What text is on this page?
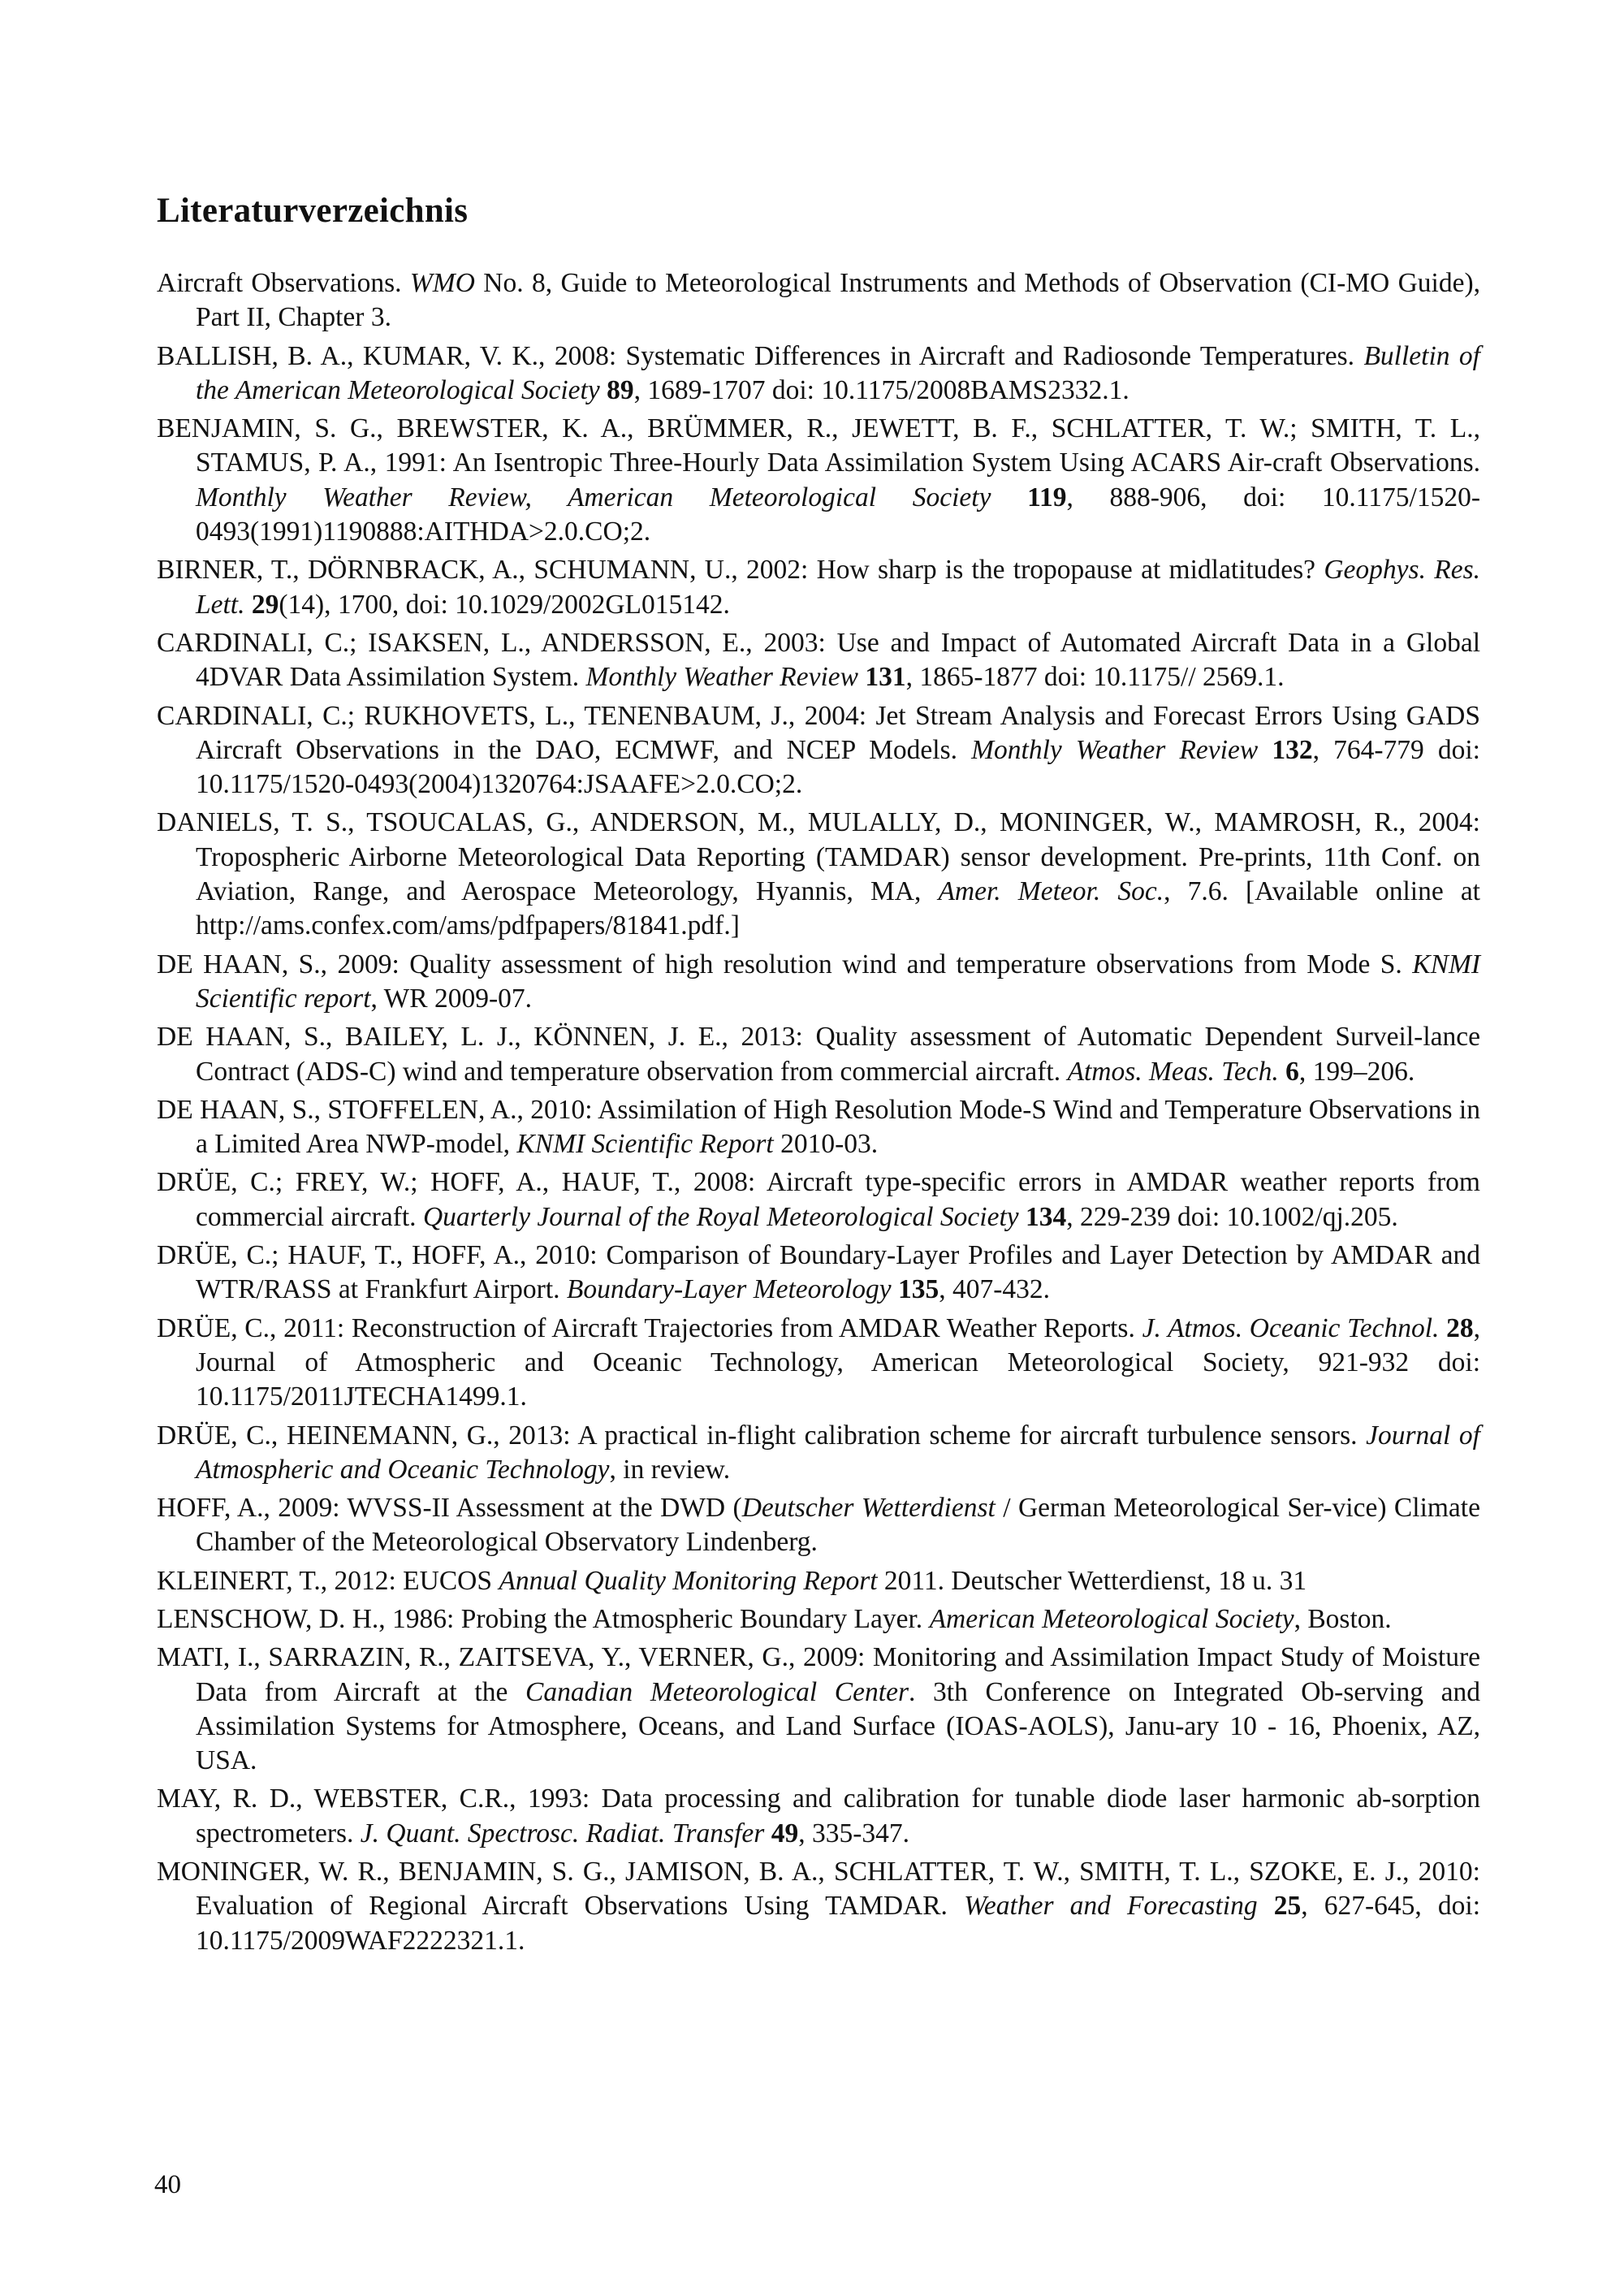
Literaturverzeichnis
Aircraft Observations. WMO No. 8, Guide to Meteorological Instruments and Methods of Observation (CI-MO Guide), Part II, Chapter 3.
BALLISH, B. A., KUMAR, V. K., 2008: Systematic Differences in Aircraft and Radiosonde Temperatures. Bulletin of the American Meteorological Society 89, 1689-1707 doi: 10.1175/2008BAMS2332.1.
BENJAMIN, S. G., BREWSTER, K. A., BRÜMMER, R., JEWETT, B. F., SCHLATTER, T. W.; SMITH, T. L., STAMUS, P. A., 1991: An Isentropic Three-Hourly Data Assimilation System Using ACARS Air-craft Observations. Monthly Weather Review, American Meteorological Society 119, 888-906, doi: 10.1175/1520-0493(1991)1190888:AITHDA>2.0.CO;2.
BIRNER, T., DÖRNBRACK, A., SCHUMANN, U., 2002: How sharp is the tropopause at midlatitudes? Geophys. Res. Lett. 29(14), 1700, doi: 10.1029/2002GL015142.
CARDINALI, C.; ISAKSEN, L., ANDERSSON, E., 2003: Use and Impact of Automated Aircraft Data in a Global 4DVAR Data Assimilation System. Monthly Weather Review 131, 1865-1877 doi: 10.1175// 2569.1.
CARDINALI, C.; RUKHOVETS, L., TENENBAUM, J., 2004: Jet Stream Analysis and Forecast Errors Using GADS Aircraft Observations in the DAO, ECMWF, and NCEP Models. Monthly Weather Review 132, 764-779 doi: 10.1175/1520-0493(2004)1320764:JSAAFE>2.0.CO;2.
DANIELS, T. S., TSOUCALAS, G., ANDERSON, M., MULALLY, D., MONINGER, W., MAMROSH, R., 2004: Tropospheric Airborne Meteorological Data Reporting (TAMDAR) sensor development. Pre-prints, 11th Conf. on Aviation, Range, and Aerospace Meteorology, Hyannis, MA, Amer. Meteor. Soc., 7.6. [Available online at http://ams.confex.com/ams/pdfpapers/81841.pdf.]
DE HAAN, S., 2009: Quality assessment of high resolution wind and temperature observations from Mode S. KNMI Scientific report, WR 2009-07.
DE HAAN, S., BAILEY, L. J., KÖNNEN, J. E., 2013: Quality assessment of Automatic Dependent Surveil-lance Contract (ADS-C) wind and temperature observation from commercial aircraft. Atmos. Meas. Tech. 6, 199–206.
DE HAAN, S., STOFFELEN, A., 2010: Assimilation of High Resolution Mode-S Wind and Temperature Observations in a Limited Area NWP-model, KNMI Scientific Report 2010-03.
DRÜE, C.; FREY, W.; HOFF, A., HAUF, T., 2008: Aircraft type-specific errors in AMDAR weather reports from commercial aircraft. Quarterly Journal of the Royal Meteorological Society 134, 229-239 doi: 10.1002/qj.205.
DRÜE, C.; HAUF, T., HOFF, A., 2010: Comparison of Boundary-Layer Profiles and Layer Detection by AMDAR and WTR/RASS at Frankfurt Airport. Boundary-Layer Meteorology 135, 407-432.
DRÜE, C., 2011: Reconstruction of Aircraft Trajectories from AMDAR Weather Reports. J. Atmos. Oceanic Technol. 28, Journal of Atmospheric and Oceanic Technology, American Meteorological Society, 921-932 doi: 10.1175/2011JTECHA1499.1.
DRÜE, C., HEINEMANN, G., 2013: A practical in-flight calibration scheme for aircraft turbulence sensors. Journal of Atmospheric and Oceanic Technology, in review.
HOFF, A., 2009: WVSS-II Assessment at the DWD (Deutscher Wetterdienst / German Meteorological Ser-vice) Climate Chamber of the Meteorological Observatory Lindenberg.
KLEINERT, T., 2012: EUCOS Annual Quality Monitoring Report 2011. Deutscher Wetterdienst, 18 u. 31
LENSCHOW, D. H., 1986: Probing the Atmospheric Boundary Layer. American Meteorological Society, Boston.
MATI, I., SARRAZIN, R., ZAITSEVA, Y., VERNER, G., 2009: Monitoring and Assimilation Impact Study of Moisture Data from Aircraft at the Canadian Meteorological Center. 3th Conference on Integrated Ob-serving and Assimilation Systems for Atmosphere, Oceans, and Land Surface (IOAS-AOLS), Janu-ary 10 - 16, Phoenix, AZ, USA.
MAY, R. D., WEBSTER, C.R., 1993: Data processing and calibration for tunable diode laser harmonic ab-sorption spectrometers. J. Quant. Spectrosc. Radiat. Transfer 49, 335-347.
MONINGER, W. R., BENJAMIN, S. G., JAMISON, B. A., SCHLATTER, T. W., SMITH, T. L., SZOKE, E. J., 2010: Evaluation of Regional Aircraft Observations Using TAMDAR. Weather and Forecasting 25, 627-645, doi: 10.1175/2009WAF2222321.1.
40
